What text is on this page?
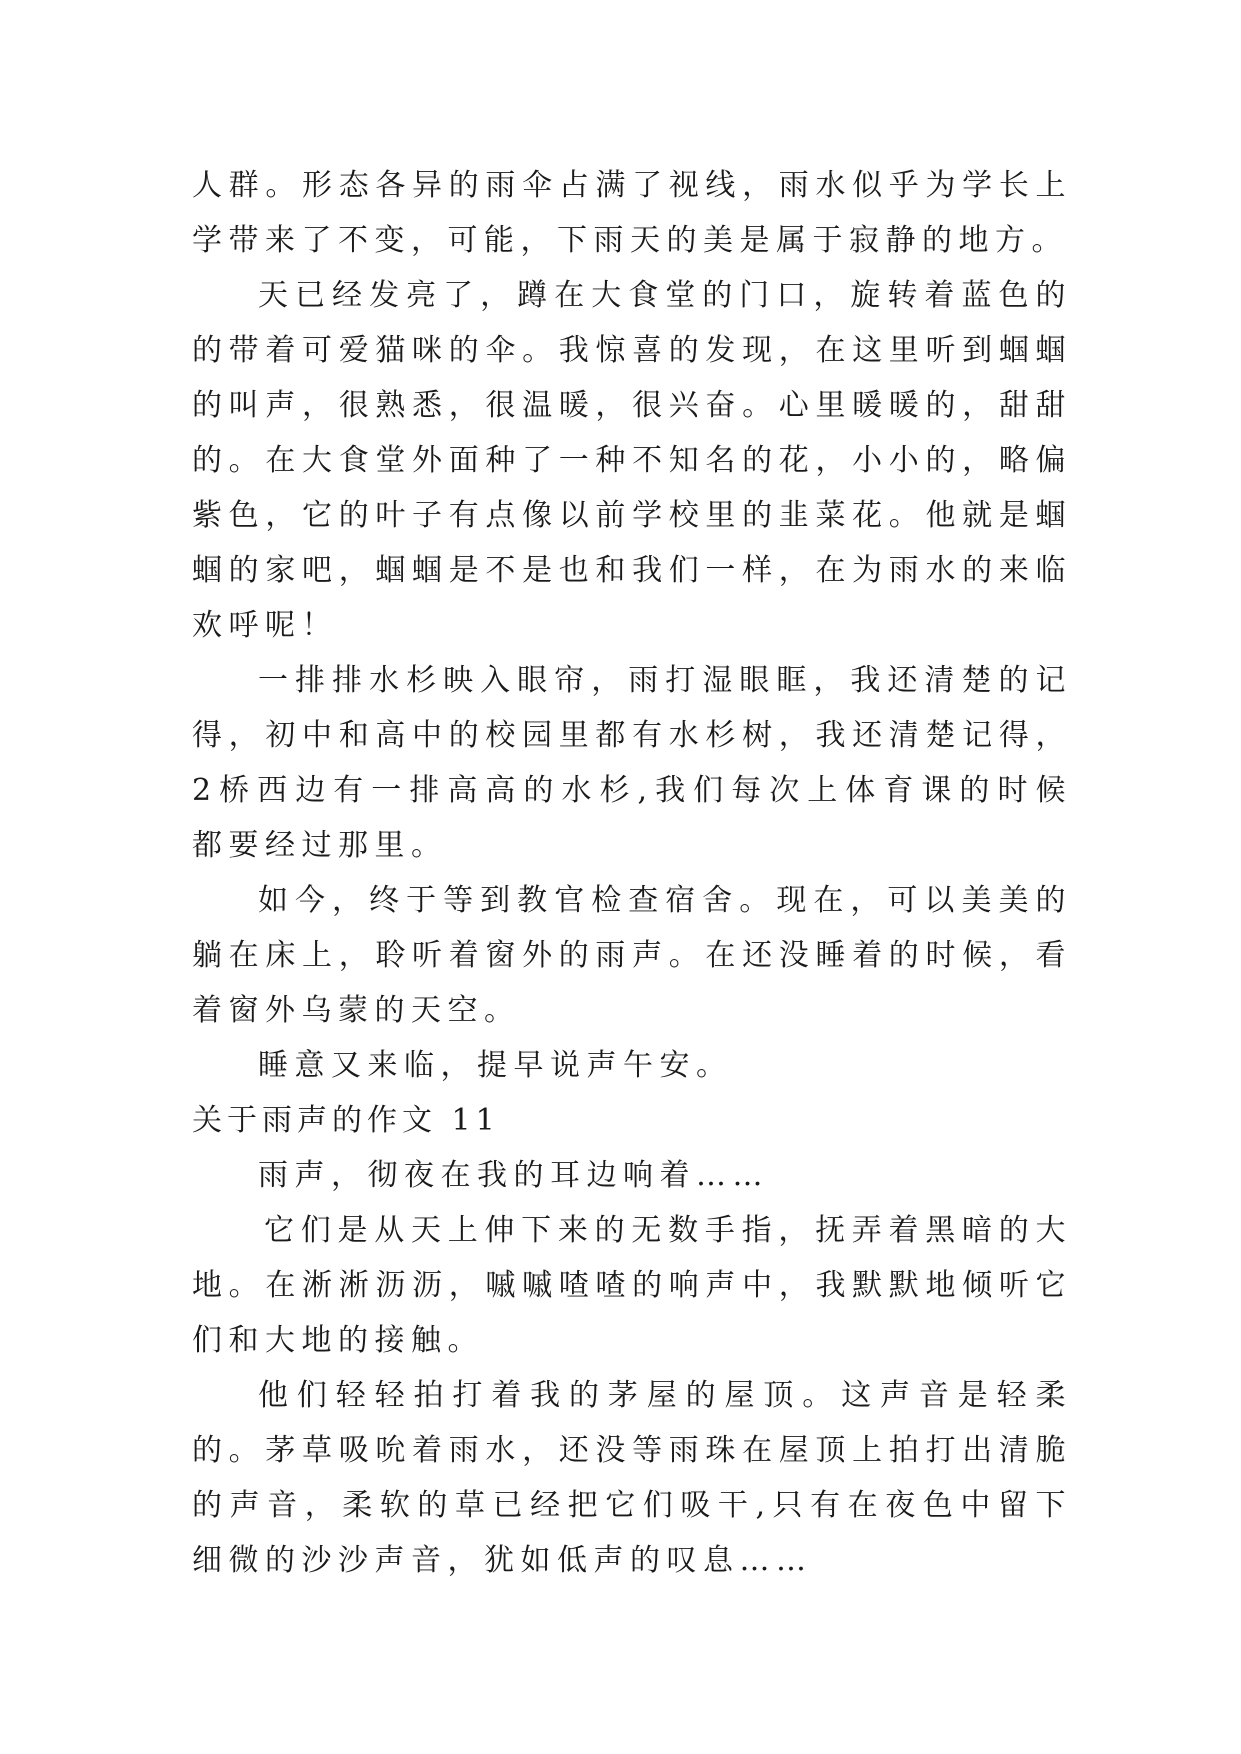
人群。形态各异的雨伞占满了视线，雨水似乎为学长上学带来了不变，可能，下雨天的美是属于寂静的地方。

天已经发亮了，蹲在大食堂的门口，旋转着蓝色的的带着可爱猫咪的伞。我惊喜的发现，在这里听到蝈蝈的叫声，很熟悉，很温暖，很兴奋。心里暖暖的，甜甜的。在大食堂外面种了一种不知名的花，小小的，略偏紫色，它的叶子有点像以前学校里的韭菜花。他就是蝈蝈的家吧，蝈蝈是不是也和我们一样，在为雨水的来临欢呼呢！

一排排水杉映入眼帘，雨打湿眼眶，我还清楚的记得，初中和高中的校园里都有水杉树，我还清楚记得，2桥西边有一排高高的水杉,我们每次上体育课的时候都要经过那里。

如今，终于等到教官检查宿舍。现在，可以美美的躺在床上，聆听着窗外的雨声。在还没睡着的时候，看着窗外乌蒙的天空。

睡意又来临，提早说声午安。

关于雨声的作文 11

雨声，彻夜在我的耳边响着……

它们是从天上伸下来的无数手指，抚弄着黑暗的大地。在淅淅沥沥，嘁嘁喳喳的响声中，我默默地倾听它们和大地的接触。

他们轻轻拍打着我的茅屋的屋顶。这声音是轻柔的。茅草吸吮着雨水，还没等雨珠在屋顶上拍打出清脆的声音，柔软的草已经把它们吸干,只有在夜色中留下细微的沙沙声音，犹如低声的叹息……
